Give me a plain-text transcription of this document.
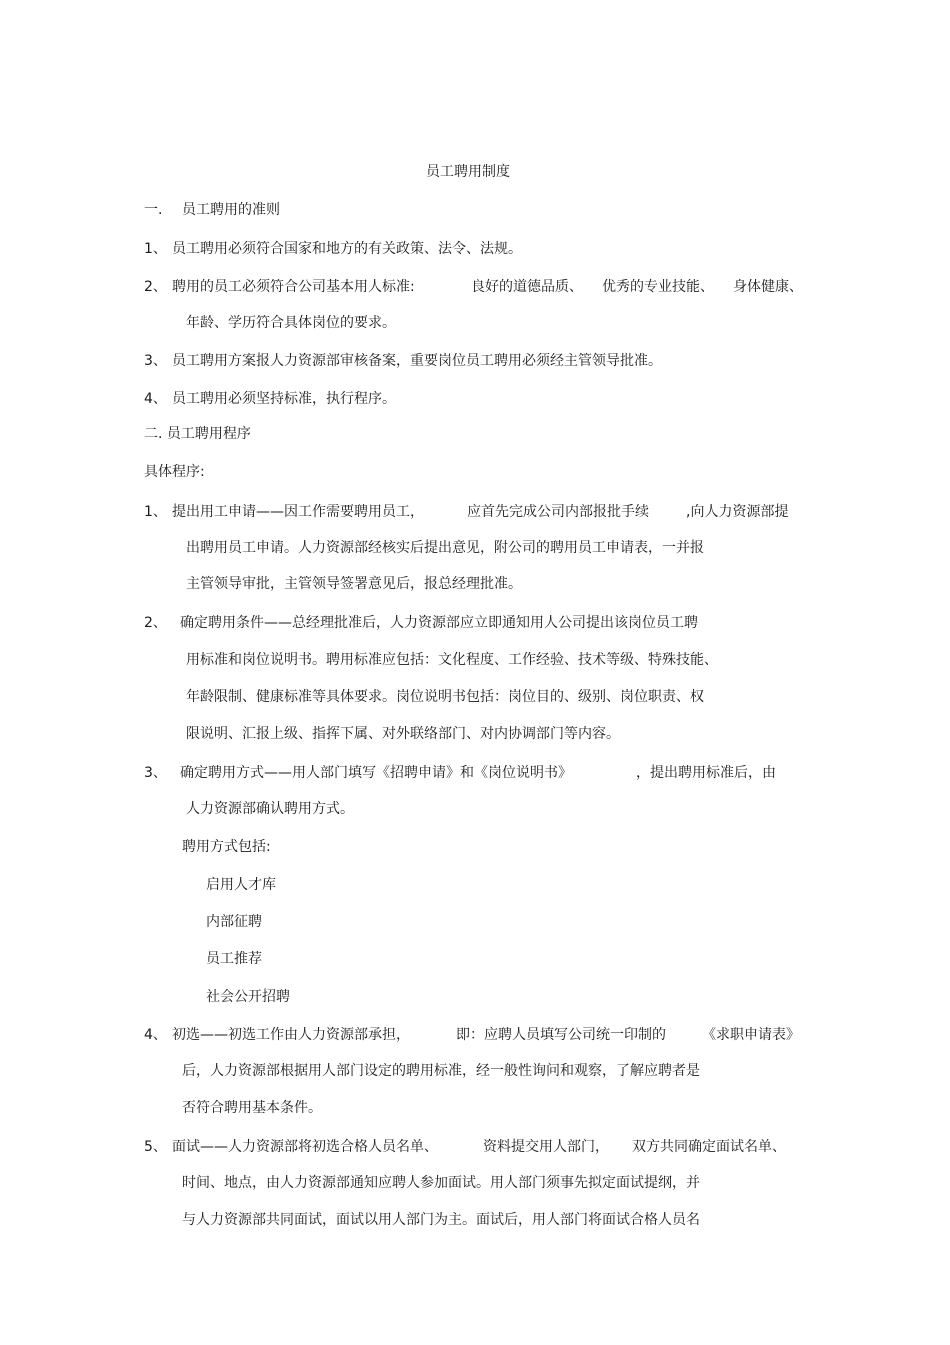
员工聘用制度
一. 员工聘用的准则
1、 员工聘用必须符合国家和地方的有关政策、法令、法规。
2、 聘用的员工必须符合公司基本用人标准:	良好的道德品质、 优秀的专业技能、 身体健康、
年龄、学历符合具体岗位的要求。
3、 员工聘用方案报人力资源部审核备案，重要岗位员工聘用必须经主管领导批准。
4、 员工聘用必须坚持标准，执行程序。
二. 员工聘用程序
具体程序:
1、 提出用工申请——因工作需要聘用员工，	应首先完成公司内部报批手续	,向人力资源部提
出聘用员工申请。人力资源部经核实后提出意见，附公司的聘用员工申请表，一并报
主管领导审批，主管领导签署意见后，报总经理批准。
2、 确定聘用条件——总经理批准后，人力资源部应立即通知用人公司提出该岗位员工聘
用标准和岗位说明书。聘用标准应包括：文化程度、工作经验、技术等级、特殊技能、
年龄限制、健康标准等具体要求。岗位说明书包括：岗位目的、级别、岗位职责、权
限说明、汇报上级、指挥下属、对外联络部门、对内协调部门等内容。
3、 确定聘用方式——用人部门填写《招聘申请》和《岗位说明书》	，提出聘用标准后，由
人力资源部确认聘用方式。
聘用方式包括:
启用人才库
内部征聘
员工推荐
社会公开招聘
4、 初选——初选工作由人力资源部承担，	即：应聘人员填写公司统一印制的	《求职申请表》
后，人力资源部根据用人部门设定的聘用标准，经一般性询问和观察，了解应聘者是
否符合聘用基本条件。
5、 面试——人力资源部将初选合格人员名单、	资料提交用人部门， 双方共同确定面试名单、
时间、地点，由人力资源部通知应聘人参加面试。用人部门须事先拟定面试提纲，并
与人力资源部共同面试，面试以用人部门为主。面试后，用人部门将面试合格人员名
